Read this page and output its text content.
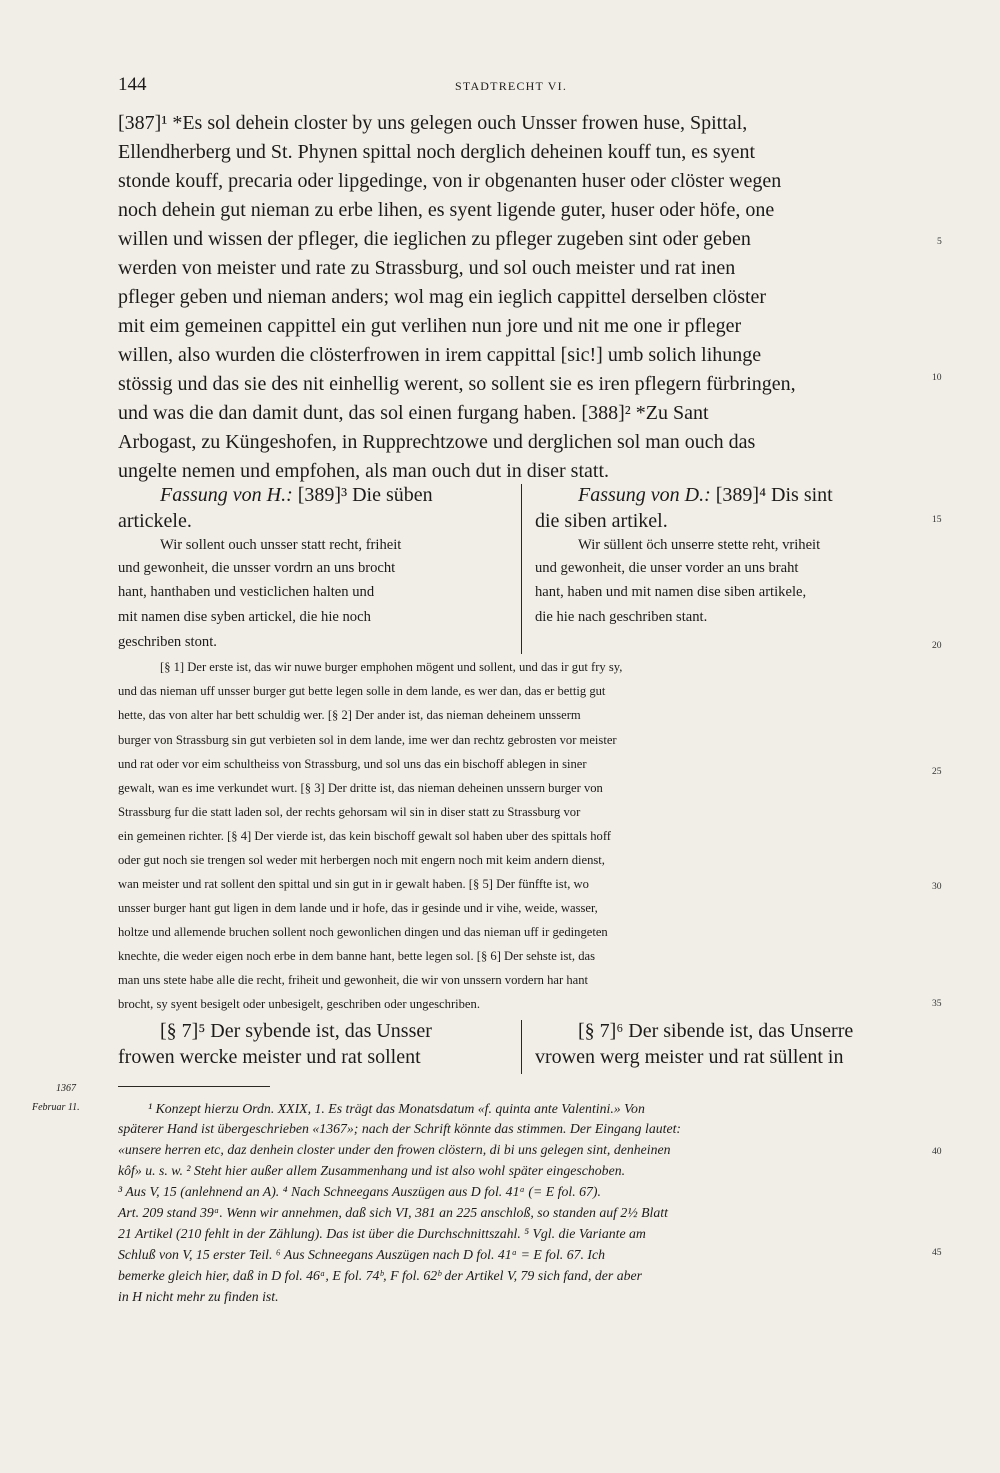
144	STADTRECHT VI.
[387]¹ *Es sol dehein closter by uns gelegen ouch Unsser frowen huse, Spittal,
Ellendherberg und St. Phynen spittal noch derglich deheinen kouff tun, es syent
stonde kouff, precaria oder lipgedinge, von ir obgenanten huser oder clöster wegen
noch dehein gut nieman zu erbe lihen, es syent ligende guter, huser oder höfe, one
willen und wissen der pfleger, die ieglichen zu pfleger zugeben sint oder geben
werden von meister und rate zu Strassburg, und sol ouch meister und rat inen
pfleger geben und nieman anders; wol mag ein ieglich cappittel derselben clöster
mit eim gemeinen cappittel ein gut verlihen nun jore und nit me one ir pfleger
willen, also wurden die clösterfrowen in irem cappittal [sic!] umb solich lihunge
stössig und das sie des nit einhellig werent, so sollent sie es iren pflegern fürbringen,
und was die dan damit dunt, das sol einen furgang haben. [388]² *Zu Sant
Arbogast, zu Küngeshofen, in Rupprechtzowe und derglichen sol man ouch das
ungelte nemen und empfohen, als man ouch dut in diser statt.
Fassung von H.: [389]³ Die süben
artickele.
Wir sollent ouch unsser statt recht, friheit
und gewonheit, die unsser vordrn an uns brocht
hant, hanthaben und vesticlichen halten und
mit namen dise syben artickel, die hie noch
geschriben stont.
Fassung von D.: [389]⁴ Dis sint
die siben artikel.
Wir süllent öch unserre stette reht, vriheit
und gewonheit, die unser vorder an uns braht
hant, haben und mit namen dise siben artikele,
die hie nach geschriben stant.
[§ 1] Der erste ist, das wir nuwe burger emphohen mögent und sollent, und das ir gut fry sy,
und das nieman uff unsser burger gut bette legen solle in dem lande, es wer dan, das er bettig gut
hette, das von alter har bett schuldig wer. [§ 2] Der ander ist, das nieman deheinem unsserm
burger von Strassburg sin gut verbieten sol in dem lande, ime wer dan rechtz gebrosten vor meister
und rat oder vor eim schultheiss von Strassburg, und sol uns das ein bischoff ablegen in siner
gewalt, wan es ime verkundet wurt. [§ 3] Der dritte ist, das nieman deheinen unssern burger von
Strassburg fur die statt laden sol, der rechts gehorsam wil sin in diser statt zu Strassburg vor
ein gemeinen richter. [§ 4] Der vierde ist, das kein bischoff gewalt sol haben uber des spittals hoff
oder gut noch sie trengen sol weder mit herbergen noch mit engern noch mit keim andern dienst,
wan meister und rat sollent den spittal und sin gut in ir gewalt haben. [§ 5] Der fünffte ist, wo
unsser burger hant gut ligen in dem lande und ir hofe, das ir gesinde und ir vihe, weide, wasser,
holtze und allemende bruchen sollent noch gewonlichen dingen und das nieman uff ir gedingeten
knechte, die weder eigen noch erbe in dem banne hant, bette legen sol. [§ 6] Der sehste ist, das
man uns stete habe alle die recht, friheit und gewonheit, die wir von unssern vordern har hant
brocht, sy syent besigelt oder unbesigelt, geschriben oder ungeschriben.
[§ 7]⁵ Der sybende ist, das Unsser
frowen wercke meister und rat sollent
[§ 7]⁶ Der sibende ist, das Unserre
vrowen werg meister und rat süllent in
1367
Februar 11.	¹ Konzept hierzu Ordn. XXIX, 1. Es trägt das Monatsdatum «f. quinta ante Valentini.» Von
späterer Hand ist übergeschrieben «1367»; nach der Schrift könnte das stimmen. Der Eingang lautet:
«unsere herren etc, daz denhein closter under den frowen clöstern, di bi uns gelegen sint, denheinen
kôf» u. s. w. ² Steht hier außer allem Zusammenhang und ist also wohl später eingeschoben.
³ Aus V, 15 (anlehnend an A). ⁴ Nach Schneegans Auszügen aus D fol. 41ᵃ (= E fol. 67).
Art. 209 stand 39ᵃ. Wenn wir annehmen, daß sich VI, 381 an 225 anschloß, so standen auf 2½ Blatt
21 Artikel (210 fehlt in der Zählung). Das ist über die Durchschnittszahl. ⁵ Vgl. die Variante am
Schluß von V, 15 erster Teil. ⁶ Aus Schneegans Auszügen nach D fol. 41ᵃ = E fol. 67. Ich
bemerke gleich hier, daß in D fol. 46ᵃ, E fol. 74ᵇ, F fol. 62ᵇ der Artikel V, 79 sich fand, der aber
in H nicht mehr zu finden ist.
5
10
15
20
25
30
35
40
45
